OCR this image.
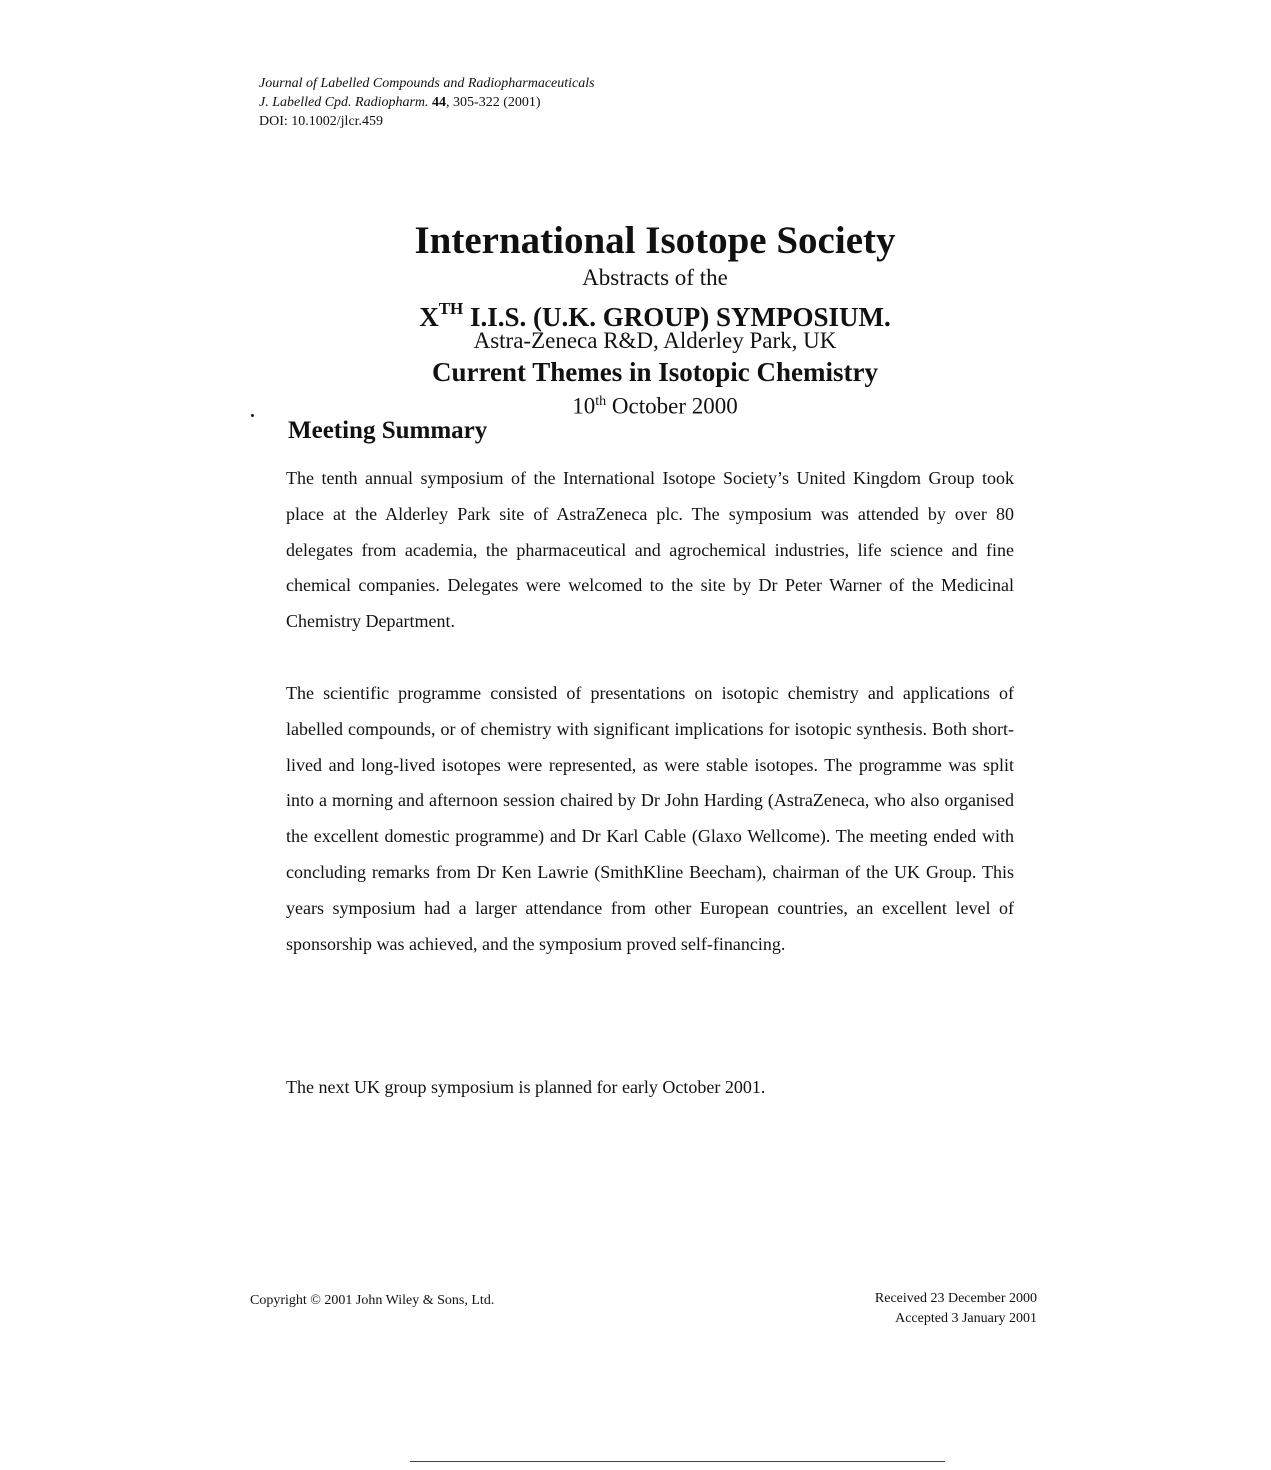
Journal of Labelled Compounds and Radiopharmaceuticals
J. Labelled Cpd. Radiopharm. 44, 305-322 (2001)
DOI: 10.1002/jlcr.459
International Isotope Society
Abstracts of the
XTH I.I.S. (U.K. GROUP) SYMPOSIUM.
Astra-Zeneca R&D, Alderley Park, UK
Current Themes in Isotopic Chemistry
10th October 2000
Meeting Summary

The tenth annual symposium of the International Isotope Society’s United Kingdom Group took place at the Alderley Park site of AstraZeneca plc. The symposium was attended by over 80 delegates from academia, the pharmaceutical and agrochemical industries, life science and fine chemical companies. Delegates were welcomed to the site by Dr Peter Warner of the Medicinal Chemistry Department.

The scientific programme consisted of presentations on isotopic chemistry and applications of labelled compounds, or of chemistry with significant implications for isotopic synthesis. Both short-lived and long-lived isotopes were represented, as were stable isotopes. The programme was split into a morning and afternoon session chaired by Dr John Harding (AstraZeneca, who also organised the excellent domestic programme) and Dr Karl Cable (Glaxo Wellcome). The meeting ended with concluding remarks from Dr Ken Lawrie (SmithKline Beecham), chairman of the UK Group. This years symposium had a larger attendance from other European countries, an excellent level of sponsorship was achieved, and the symposium proved self-financing.

The next UK group symposium is planned for early October 2001.

Copyright © 2001 John Wiley & Sons, Ltd.	Received 23 December 2000
Accepted 3 January 2001
